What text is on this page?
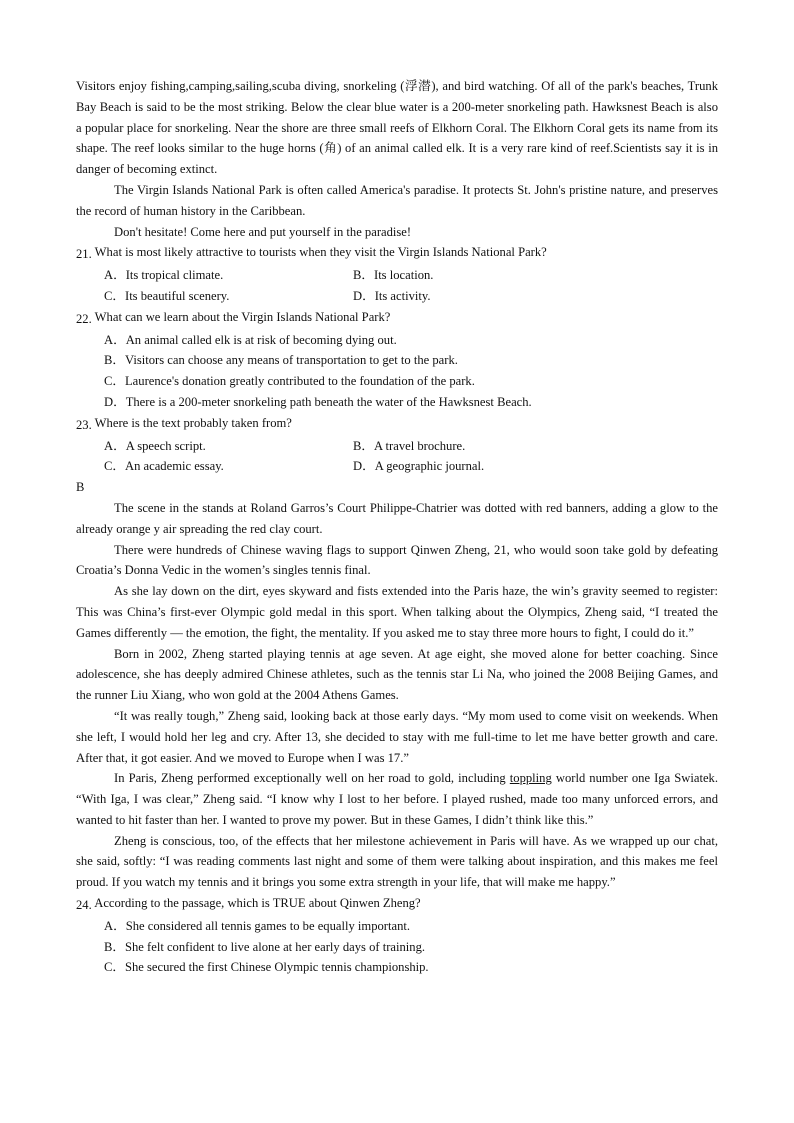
Visitors enjoy fishing,camping,sailing,scuba diving, snorkeling (浮潜), and bird watching. Of all of the park's beaches, Trunk Bay Beach is said to be the most striking. Below the clear blue water is a 200-meter snorkeling path. Hawksnest Beach is also a popular place for snorkeling. Near the shore are three small reefs of Elkhorn Coral. The Elkhorn Coral gets its name from its shape. The reef looks similar to the huge horns (角) of an animal called elk. It is a very rare kind of reef.Scientists say it is in danger of becoming extinct.

The Virgin Islands National Park is often called America's paradise. It protects St. John's pristine nature, and preserves the record of human history in the Caribbean.

Don't hesitate! Come here and put yourself in the paradise!

21. What is most likely attractive to tourists when they visit the Virgin Islands National Park?

A．Its tropical climate.	B．Its location.
C．Its beautiful scenery.	D．Its activity.

22. What can we learn about the Virgin Islands National Park?

A．An animal called elk is at risk of becoming dying out.
B．Visitors can choose any means of transportation to get to the park.
C．Laurence's donation greatly contributed to the foundation of the park.
D．There is a 200-meter snorkeling path beneath the water of the Hawksnest Beach.

23. Where is the text probably taken from?

A．A speech script.	B．A travel brochure.
C．An academic essay.	D．A geographic journal.

B

The scene in the stands at Roland Garros’s Court Philippe-Chatrier was dotted with red banners, adding a glow to the already orange y air spreading the red clay court.

There were hundreds of Chinese waving flags to support Qinwen Zheng, 21, who would soon take gold by defeating Croatia’s Donna Vedic in the women’s singles tennis final.

As she lay down on the dirt, eyes skyward and fists extended into the Paris haze, the win’s gravity seemed to register: This was China’s first-ever Olympic gold medal in this sport. When talking about the Olympics, Zheng said, “I treated the Games differently — the emotion, the fight, the mentality. If you asked me to stay three more hours to fight, I could do it.”

Born in 2002, Zheng started playing tennis at age seven. At age eight, she moved alone for better coaching. Since adolescence, she has deeply admired Chinese athletes, such as the tennis star Li Na, who joined the 2008 Beijing Games, and the runner Liu Xiang, who won gold at the 2004 Athens Games.

“It was really tough,” Zheng said, looking back at those early days. “My mom used to come visit on weekends. When she left, I would hold her leg and cry. After 13, she decided to stay with me full-time to let me have better growth and care. After that, it got easier. And we moved to Europe when I was 17.”

In Paris, Zheng performed exceptionally well on her road to gold, including toppling world number one Iga Swiatek. “With Iga, I was clear,” Zheng said. “I know why I lost to her before. I played rushed, made too many unforced errors, and wanted to hit faster than her. I wanted to prove my power. But in these Games, I didn’t think like this.”

Zheng is conscious, too, of the effects that her milestone achievement in Paris will have. As we wrapped up our chat, she said, softly: “I was reading comments last night and some of them were talking about inspiration, and this makes me feel proud. If you watch my tennis and it brings you some extra strength in your life, that will make me happy.”

24. According to the passage, which is TRUE about Qinwen Zheng?

A．She considered all tennis games to be equally important.
B．She felt confident to live alone at her early days of training.
C．She secured the first Chinese Olympic tennis championship.
